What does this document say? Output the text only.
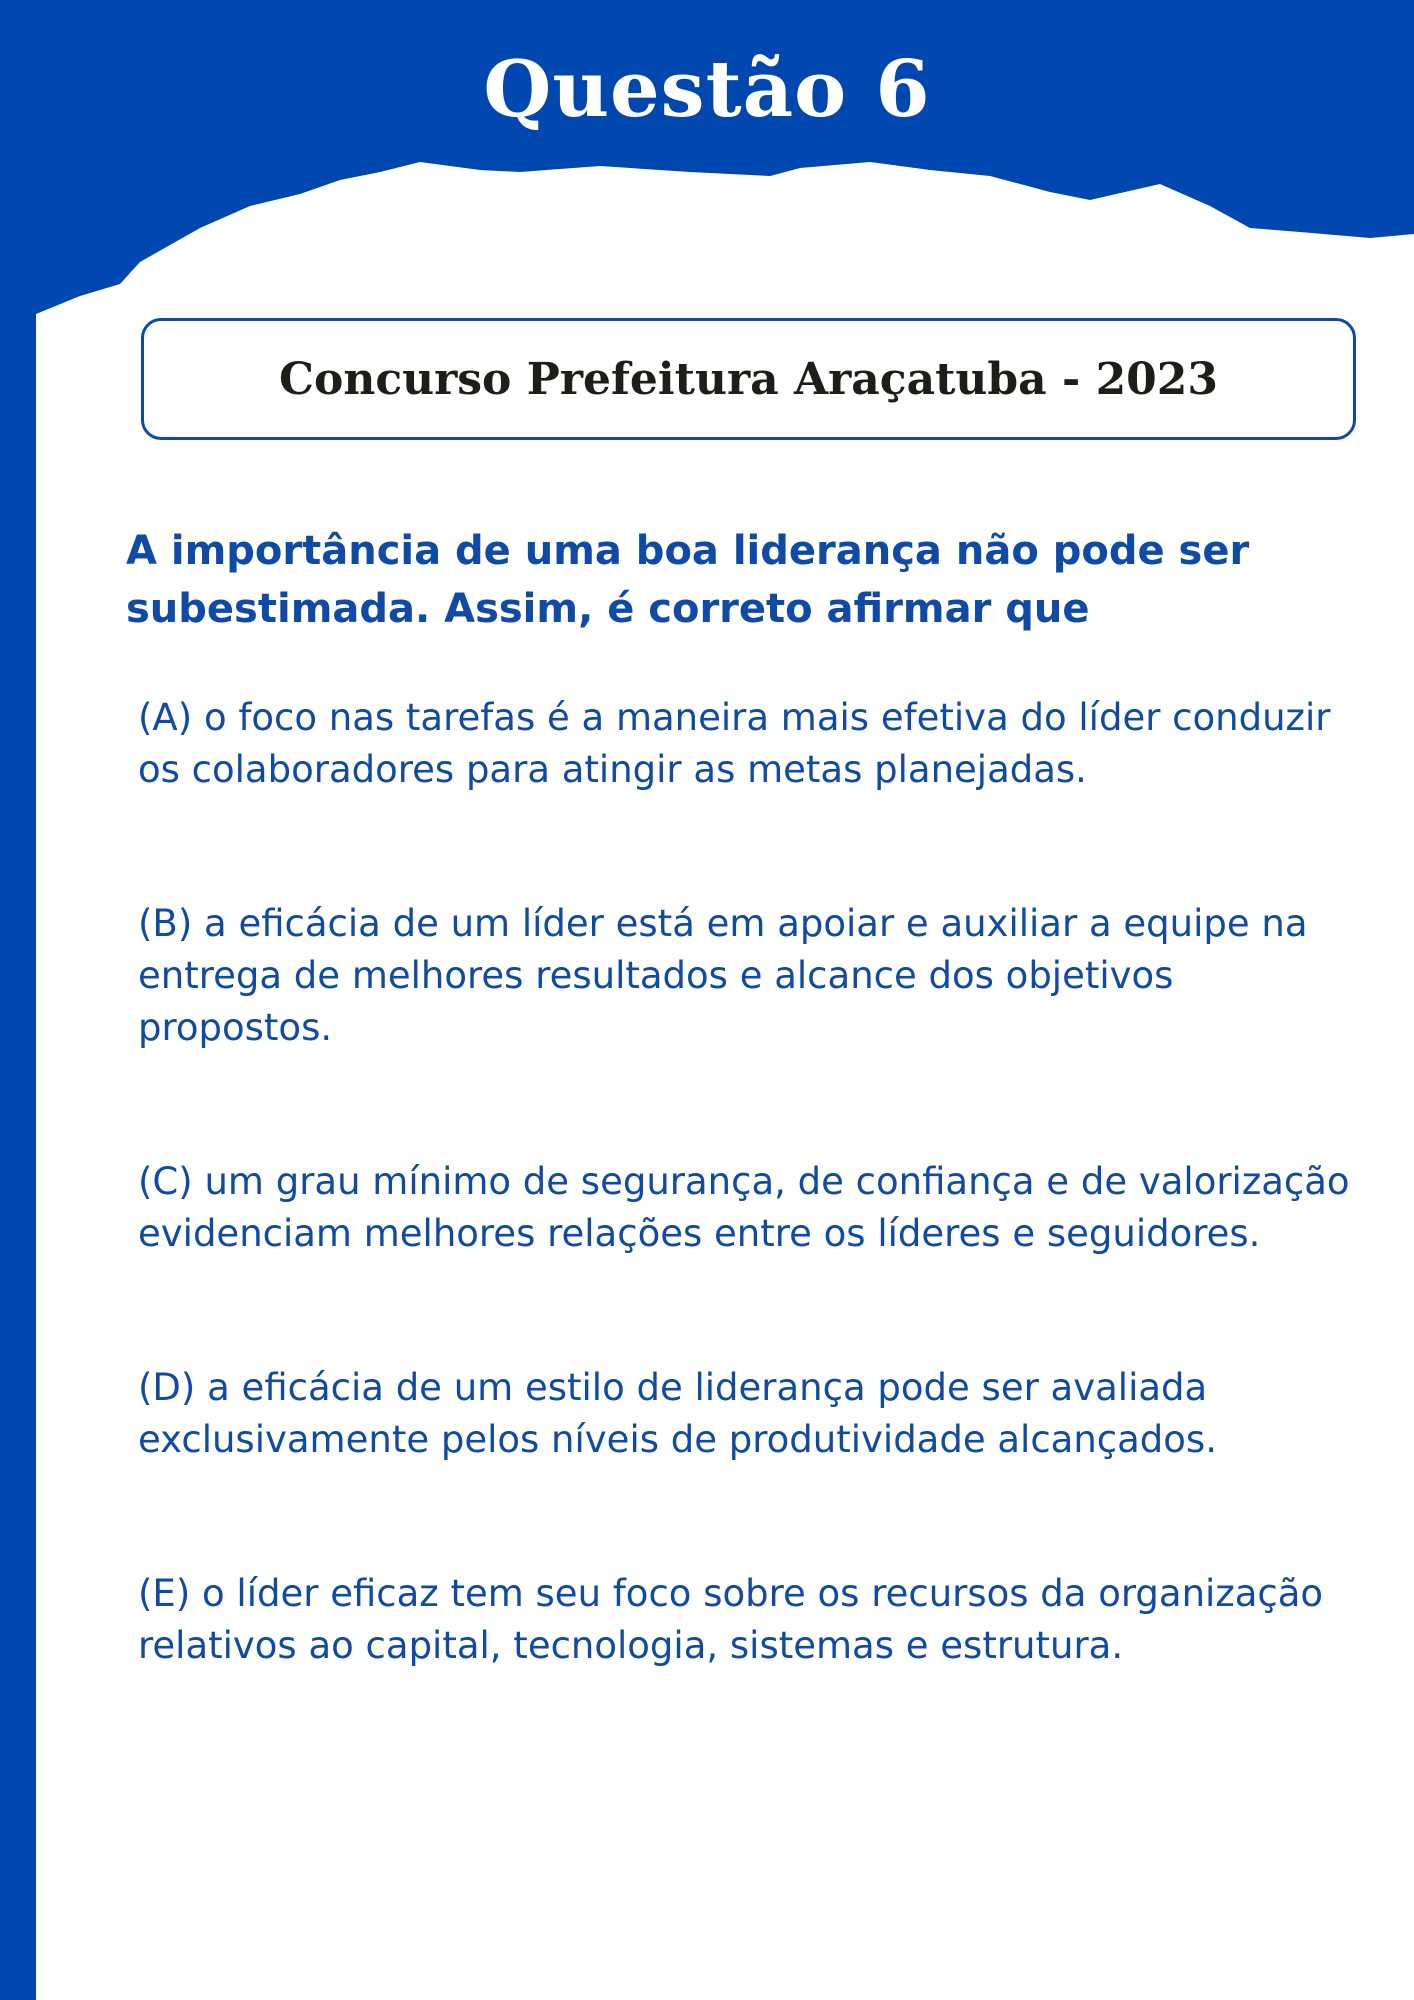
Questão 6
Concurso Prefeitura Araçatuba - 2023

A importância de uma boa liderança não pode ser subestimada. Assim, é correto afirmar que

(A) o foco nas tarefas é a maneira mais efetiva do líder conduzir os colaboradores para atingir as metas planejadas.
(B) a eficácia de um líder está em apoiar e auxiliar a equipe na entrega de melhores resultados e alcance dos objetivos propostos.
(C) um grau mínimo de segurança, de confiança e de valorização evidenciam melhores relações entre os líderes e seguidores.
(D) a eficácia de um estilo de liderança pode ser avaliada exclusivamente pelos níveis de produtividade alcançados.
(E) o líder eficaz tem seu foco sobre os recursos da organização relativos ao capital, tecnologia, sistemas e estrutura.
